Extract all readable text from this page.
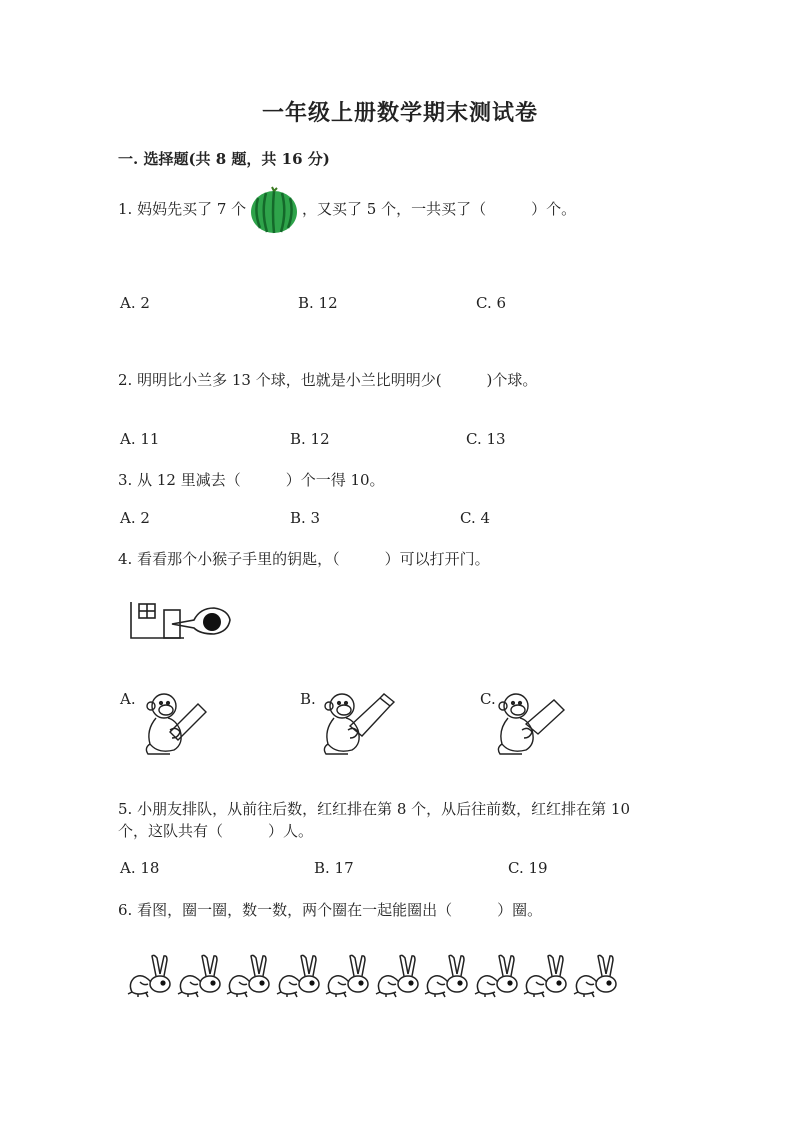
一年级上册数学期末测试卷
一. 选择题(共 8 题，共 16 分)
1. 妈妈先买了 7 个	，又买了 5 个，一共买了（　　　）个。
A. 2	B. 12	C. 6
2. 明明比小兰多 13 个球，也就是小兰比明明少(　　　)个球。
A. 11	B. 12	C. 13
3. 从 12 里减去（　　　）个一得 10。
A. 2	B. 3	C. 4
4. 看看那个小猴子手里的钥匙，（　　　）可以打开门。
A.	B.	C.
5. 小朋友排队，从前往后数，红红排在第 8 个，从后往前数，红红排在第 10
个，这队共有（　　　）人。
A. 18	B. 17	C. 19
6. 看图，圈一圈，数一数，两个圈在一起能圈出（　　　）圈。
